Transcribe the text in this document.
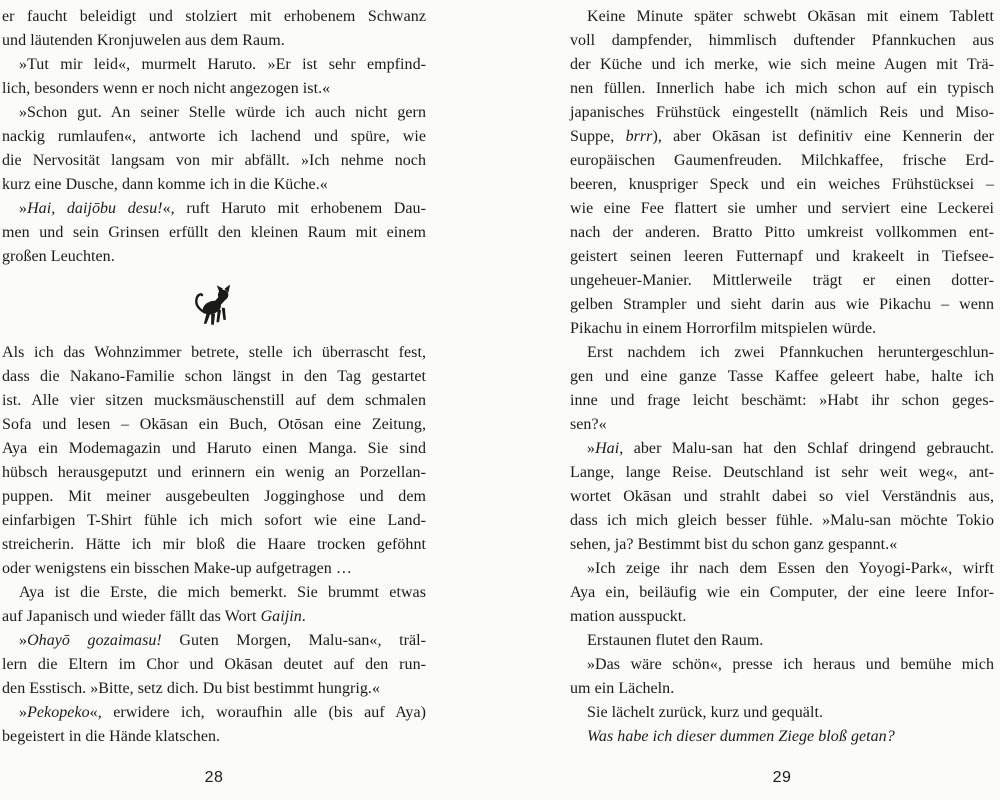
er faucht beleidigt und stolziert mit erhobenem Schwanz
und läutenden Kronjuwelen aus dem Raum.
»Tut mir leid«, murmelt Haruto. »Er ist sehr empfind-
lich, besonders wenn er noch nicht angezogen ist.«
»Schon gut. An seiner Stelle würde ich auch nicht gern
nackig rumlaufen«, antworte ich lachend und spüre, wie
die Nervosität langsam von mir abfällt. »Ich nehme noch
kurz eine Dusche, dann komme ich in die Küche.«
»Hai, daijōbu desu!«, ruft Haruto mit erhobenem Dau-
men und sein Grinsen erfüllt den kleinen Raum mit einem
großen Leuchten.
Als ich das Wohnzimmer betrete, stelle ich überrascht fest,
dass die Nakano-Familie schon längst in den Tag gestartet
ist. Alle vier sitzen mucksmäuschenstill auf dem schmalen
Sofa und lesen – Okāsan ein Buch, Otōsan eine Zeitung,
Aya ein Modemagazin und Haruto einen Manga. Sie sind
hübsch herausgeputzt und erinnern ein wenig an Porzellan-
puppen. Mit meiner ausgebeulten Jogginghose und dem
einfarbigen T-Shirt fühle ich mich sofort wie eine Land-
streicherin. Hätte ich mir bloß die Haare trocken geföhnt
oder wenigstens ein bisschen Make-up aufgetragen …
Aya ist die Erste, die mich bemerkt. Sie brummt etwas
auf Japanisch und wieder fällt das Wort Gaijin.
»Ohayō gozaimasu! Guten Morgen, Malu-san«, träl-
lern die Eltern im Chor und Okāsan deutet auf den run-
den Esstisch. »Bitte, setz dich. Du bist bestimmt hungrig.«
»Pekopeko«, erwidere ich, woraufhin alle (bis auf Aya)
begeistert in die Hände klatschen.
28
Keine Minute später schwebt Okāsan mit einem Tablett
voll dampfender, himmlisch duftender Pfannkuchen aus
der Küche und ich merke, wie sich meine Augen mit Trä-
nen füllen. Innerlich habe ich mich schon auf ein typisch
japanisches Frühstück eingestellt (nämlich Reis und Miso-
Suppe, brrr), aber Okāsan ist definitiv eine Kennerin der
europäischen Gaumenfreuden. Milchkaffee, frische Erd-
beeren, knuspriger Speck und ein weiches Frühstücksei –
wie eine Fee flattert sie umher und serviert eine Leckerei
nach der anderen. Bratto Pitto umkreist vollkommen ent-
geistert seinen leeren Futternapf und krakeelt in Tiefsee-
ungeheuer-Manier. Mittlerweile trägt er einen dotter-
gelben Strampler und sieht darin aus wie Pikachu – wenn
Pikachu in einem Horrorfilm mitspielen würde.
Erst nachdem ich zwei Pfannkuchen heruntergeschlun-
gen und eine ganze Tasse Kaffee geleert habe, halte ich
inne und frage leicht beschämt: »Habt ihr schon geges-
sen?«
»Hai, aber Malu-san hat den Schlaf dringend gebraucht.
Lange, lange Reise. Deutschland ist sehr weit weg«, ant-
wortet Okāsan und strahlt dabei so viel Verständnis aus,
dass ich mich gleich besser fühle. »Malu-san möchte Tokio
sehen, ja? Bestimmt bist du schon ganz gespannt.«
»Ich zeige ihr nach dem Essen den Yoyogi-Park«, wirft
Aya ein, beiläufig wie ein Computer, der eine leere Infor-
mation ausspuckt.
Erstaunen flutet den Raum.
»Das wäre schön«, presse ich heraus und bemühe mich
um ein Lächeln.
Sie lächelt zurück, kurz und gequält.
Was habe ich dieser dummen Ziege bloß getan?
29
